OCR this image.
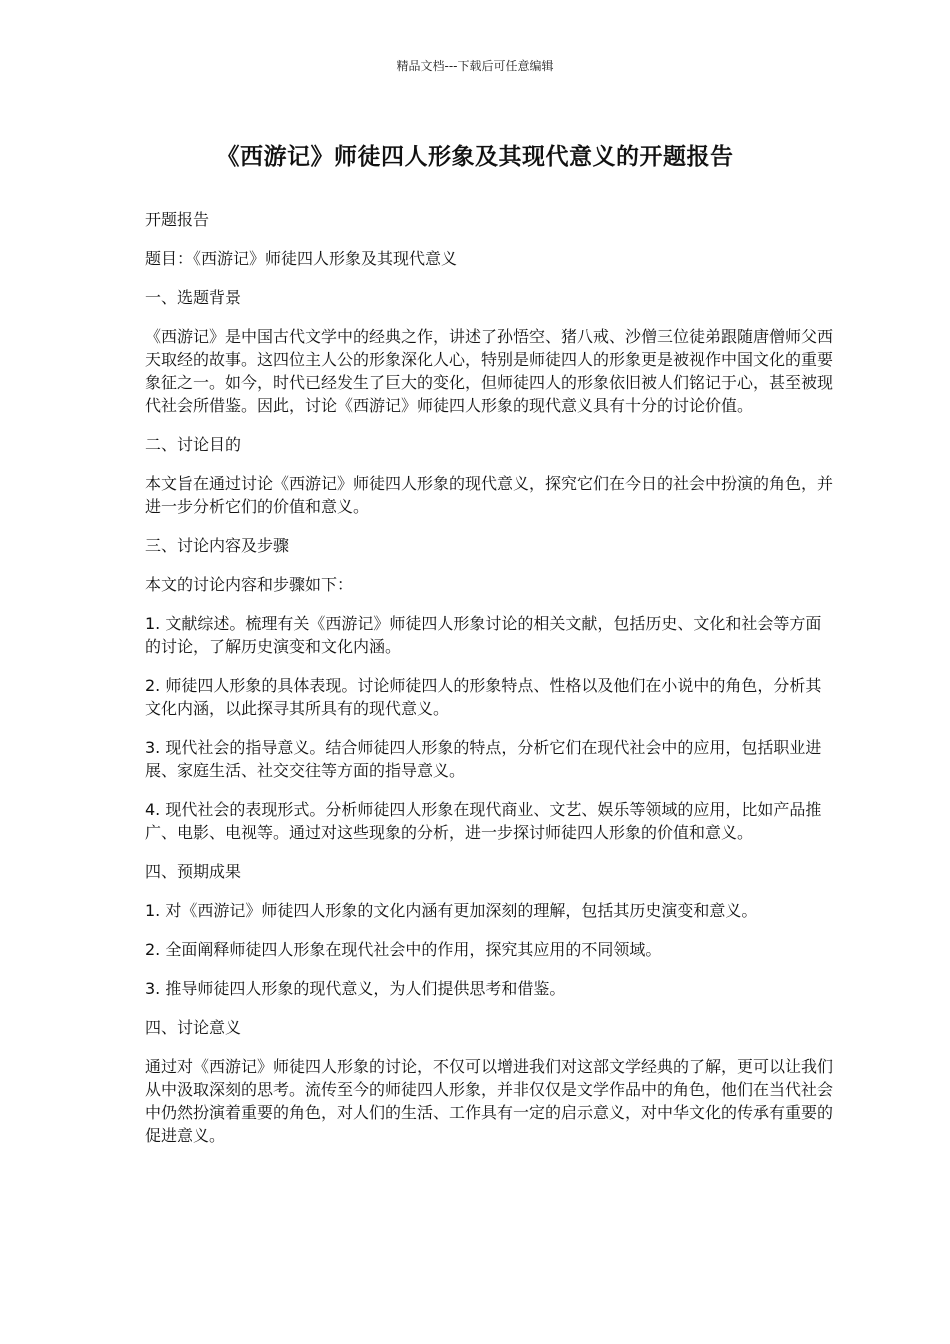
精品文档---下载后可任意编辑
《西游记》师徒四人形象及其现代意义的开题报告

开题报告

题目：《西游记》师徒四人形象及其现代意义

一、选题背景

《西游记》是中国古代文学中的经典之作，讲述了孙悟空、猪八戒、沙僧三位徒弟跟随唐僧师父西天取经的故事。这四位主人公的形象深化人心，特别是师徒四人的形象更是被视作中国文化的重要象征之一。如今，时代已经发生了巨大的变化，但师徒四人的形象依旧被人们铭记于心，甚至被现代社会所借鉴。因此，讨论《西游记》师徒四人形象的现代意义具有十分的讨论价值。

二、讨论目的

本文旨在通过讨论《西游记》师徒四人形象的现代意义，探究它们在今日的社会中扮演的角色，并进一步分析它们的价值和意义。

三、讨论内容及步骤

本文的讨论内容和步骤如下：

1. 文献综述。梳理有关《西游记》师徒四人形象讨论的相关文献，包括历史、文化和社会等方面的讨论，了解历史演变和文化内涵。

2. 师徒四人形象的具体表现。讨论师徒四人的形象特点、性格以及他们在小说中的角色，分析其文化内涵，以此探寻其所具有的现代意义。

3. 现代社会的指导意义。结合师徒四人形象的特点，分析它们在现代社会中的应用，包括职业进展、家庭生活、社交交往等方面的指导意义。

4. 现代社会的表现形式。分析师徒四人形象在现代商业、文艺、娱乐等领域的应用，比如产品推广、电影、电视等。通过对这些现象的分析，进一步探讨师徒四人形象的价值和意义。

四、预期成果

1. 对《西游记》师徒四人形象的文化内涵有更加深刻的理解，包括其历史演变和意义。

2. 全面阐释师徒四人形象在现代社会中的作用，探究其应用的不同领域。

3. 推导师徒四人形象的现代意义，为人们提供思考和借鉴。

四、讨论意义

通过对《西游记》师徒四人形象的讨论，不仅可以增进我们对这部文学经典的了解，更可以让我们从中汲取深刻的思考。流传至今的师徒四人形象，并非仅仅是文学作品中的角色，他们在当代社会中仍然扮演着重要的角色，对人们的生活、工作具有一定的启示意义，对中华文化的传承有重要的促进意义。
